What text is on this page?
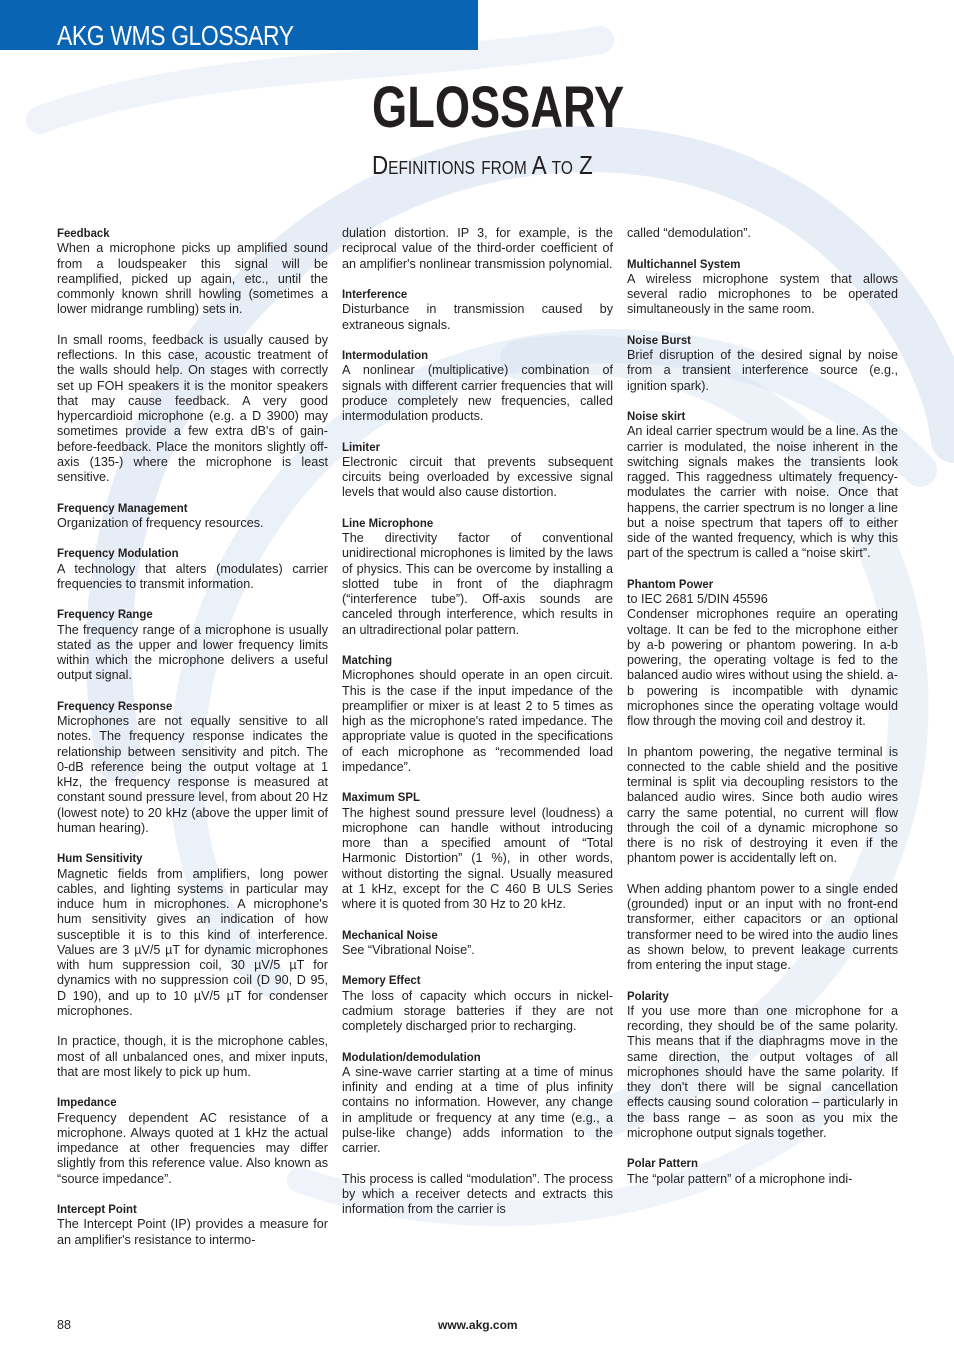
AKG WMS GLOSSARY
GLOSSARY
Definitions from A to Z
Feedback
When a microphone picks up amplified sound from a loudspeaker this signal will be reamplified, picked up again, etc., until the commonly known shrill howling (sometimes a lower midrange rumbling) sets in.
In small rooms, feedback is usually caused by reflections. In this case, acoustic treatment of the walls should help. On stages with correctly set up FOH speakers it is the monitor speakers that may cause feedback. A very good hypercardioid microphone (e.g. a D 3900) may sometimes provide a few extra dB's of gain-before-feedback. Place the monitors slightly off-axis (135-) where the microphone is least sensitive.
Frequency Management
Organization of frequency resources.
Frequency Modulation
A technology that alters (modulates) carrier frequencies to transmit information.
Frequency Range
The frequency range of a microphone is usually stated as the upper and lower frequency limits within which the microphone delivers a useful output signal.
Frequency Response
Microphones are not equally sensitive to all notes. The frequency response indicates the relationship between sensitivity and pitch. The 0-dB reference being the output voltage at 1 kHz, the frequency response is measured at constant sound pressure level, from about 20 Hz (lowest note) to 20 kHz (above the upper limit of human hearing).
Hum Sensitivity
Magnetic fields from amplifiers, long power cables, and lighting systems in particular may induce hum in microphones. A microphone's hum sensitivity gives an indication of how susceptible it is to this kind of interference. Values are 3 µV/5 µT for dynamic microphones with hum suppression coil, 30 µV/5 µT for dynamics with no suppression coil (D 90, D 95, D 190), and up to 10 µV/5 µT for condenser microphones.
In practice, though, it is the microphone cables, most of all unbalanced ones, and mixer inputs, that are most likely to pick up hum.
Impedance
Frequency dependent AC resistance of a microphone. Always quoted at 1 kHz the actual impedance at other frequencies may differ slightly from this reference value. Also known as “source impedance”.
Intercept Point
The Intercept Point (IP) provides a measure for an amplifier's resistance to intermo-
dulation distortion. IP 3, for example, is the reciprocal value of the third-order coefficient of an amplifier's nonlinear transmission polynomial.
Interference
Disturbance in transmission caused by extraneous signals.
Intermodulation
A nonlinear (multiplicative) combination of signals with different carrier frequencies that will produce completely new frequencies, called intermodulation products.
Limiter
Electronic circuit that prevents subsequent circuits being overloaded by excessive signal levels that would also cause distortion.
Line Microphone
The directivity factor of conventional unidirectional microphones is limited by the laws of physics. This can be overcome by installing a slotted tube in front of the diaphragm (“interference tube”). Off-axis sounds are canceled through interference, which results in an ultradirectional polar pattern.
Matching
Microphones should operate in an open circuit. This is the case if the input impedance of the preamplifier or mixer is at least 2 to 5 times as high as the microphone's rated impedance. The appropriate value is quoted in the specifications of each microphone as “recommended load impedance”.
Maximum SPL
The highest sound pressure level (loudness) a microphone can handle without introducing more than a specified amount of “Total Harmonic Distortion” (1 %), in other words, without distorting the signal. Usually measured at 1 kHz, except for the C 460 B ULS Series where it is quoted from 30 Hz to 20 kHz.
Mechanical Noise
See “Vibrational Noise”.
Memory Effect
The loss of capacity which occurs in nickel-cadmium storage batteries if they are not completely discharged prior to recharging.
Modulation/demodulation
A sine-wave carrier starting at a time of minus infinity and ending at a time of plus infinity contains no information. However, any change in amplitude or frequency at any time (e.g., a pulse-like change) adds information to the carrier.
This process is called “modulation”. The process by which a receiver detects and extracts this information from the carrier is
called “demodulation”.
Multichannel System
A wireless microphone system that allows several radio microphones to be operated simultaneously in the same room.
Noise Burst
Brief disruption of the desired signal by noise from a transient interference source (e.g., ignition spark).
Noise skirt
An ideal carrier spectrum would be a line. As the carrier is modulated, the noise inherent in the switching signals makes the transients look ragged. This raggedness ultimately frequency-modulates the carrier with noise. Once that happens, the carrier spectrum is no longer a line but a noise spectrum that tapers off to either side of the wanted frequency, which is why this part of the spectrum is called a “noise skirt”.
Phantom Power
to IEC 2681 5/DIN 45596
Condenser microphones require an operating voltage. It can be fed to the microphone either by a-b powering or phantom powering. In a-b powering, the operating voltage is fed to the balanced audio wires without using the shield. a-b powering is incompatible with dynamic microphones since the operating voltage would flow through the moving coil and destroy it.
In phantom powering, the negative terminal is connected to the cable shield and the positive terminal is split via decoupling resistors to the balanced audio wires. Since both audio wires carry the same potential, no current will flow through the coil of a dynamic microphone so there is no risk of destroying it even if the phantom power is accidentally left on.
When adding phantom power to a single ended (grounded) input or an input with no front-end transformer, either capacitors or an optional transformer need to be wired into the audio lines as shown below, to prevent leakage currents from entering the input stage.
Polarity
If you use more than one microphone for a recording, they should be of the same polarity. This means that if the diaphragms move in the same direction, the output voltages of all microphones should have the same polarity. If they don't there will be signal cancellation effects causing sound coloration – particularly in the bass range – as soon as you mix the microphone output signals together.
Polar Pattern
The “polar pattern” of a microphone indi-
88	www.akg.com
